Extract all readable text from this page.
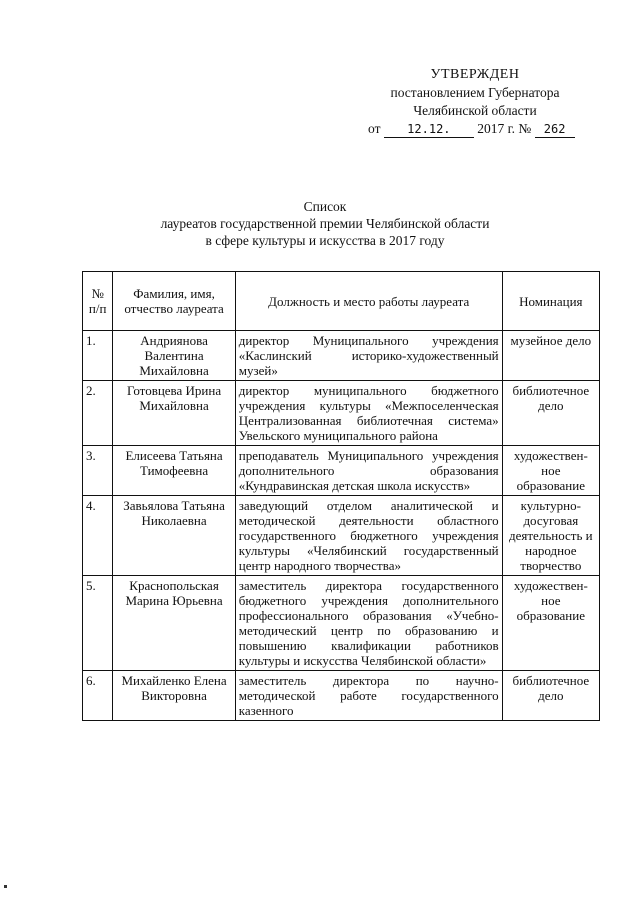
УТВЕРЖДЕН
постановлением Губернатора
Челябинской области
от 12.12. 2017 г. № 262
Список
лауреатов государственной премии Челябинской области
в сфере культуры и искусства в 2017 году
№ п/п	Фамилия, имя, отчество лауреата	Должность и место работы лауреата	Номинация
1.	Андриянова Валентина Михайловна	директор Муниципального учреждения «Каслинский историко-художественный музей»	музейное дело
2.	Готовцева Ирина Михайловна	директор муниципального бюджетного учреждения культуры «Межпоселенческая Централизованная библиотечная система» Увельского муниципального района	библиотечное дело
3.	Елисеева Татьяна Тимофеевна	преподаватель Муниципального учреждения дополнительного образования «Кундравинская детская школа искусств»	художествен-ное образование
4.	Завьялова Татьяна Николаевна	заведующий отделом аналитической и методической деятельности областного государственного бюджетного учреждения культуры «Челябинский государственный центр народного творчества»	культурно-досуговая деятельность и народное творчество
5.	Краснопольская Марина Юрьевна	заместитель директора государственного бюджетного учреждения дополнительного профессионального образования «Учебно-методический центр по образованию и повышению квалификации работников культуры и искусства Челябинской области»	художествен-ное образование
6.	Михайленко Елена Викторовна	заместитель директора по научно-методической работе государственного казенного	библиотечное дело
